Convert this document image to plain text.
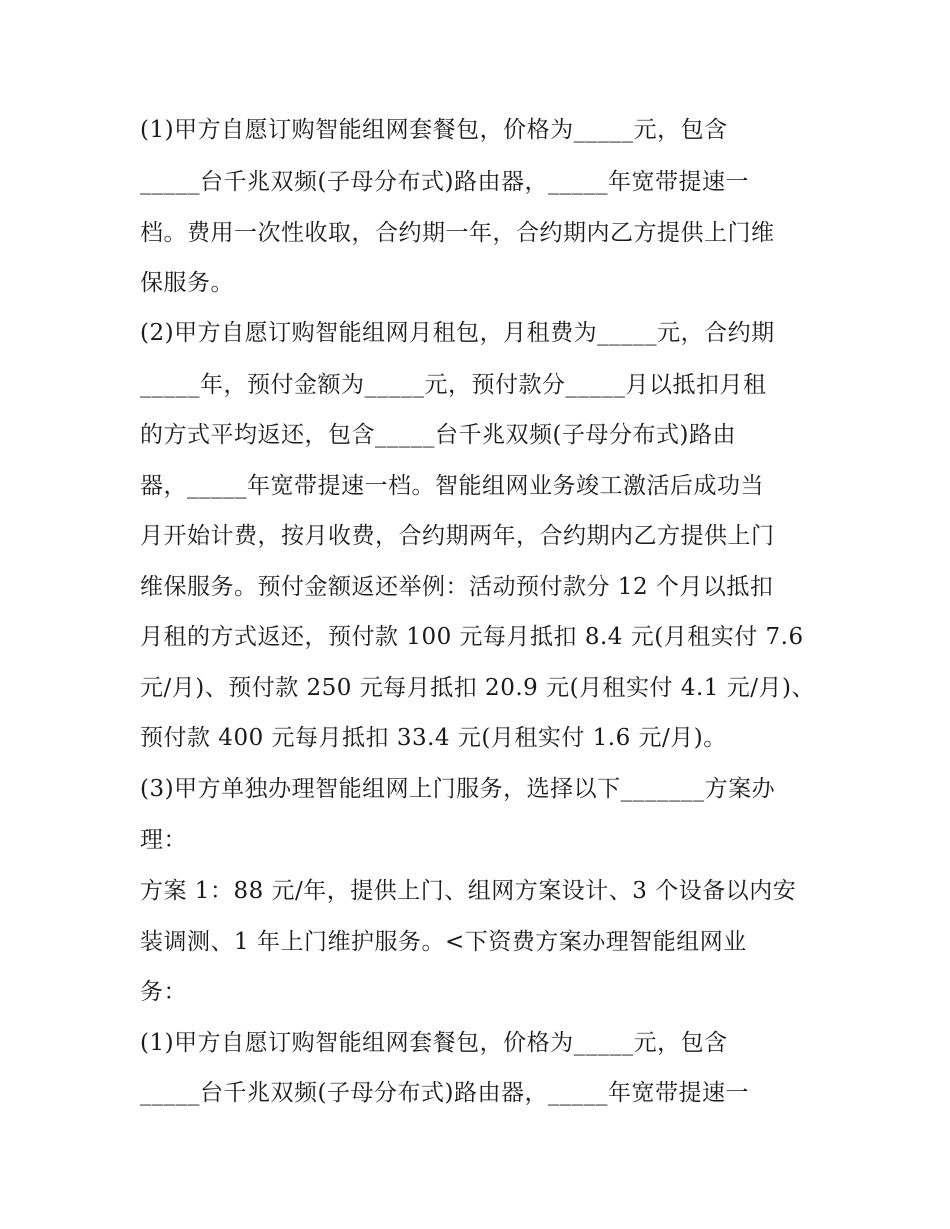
(1)甲方自愿订购智能组网套餐包，价格为_____元，包含
_____台千兆双频(子母分布式)路由器，_____年宽带提速一
档。费用一次性收取，合约期一年，合约期内乙方提供上门维
保服务。
(2)甲方自愿订购智能组网月租包，月租费为_____元，合约期
_____年，预付金额为_____元，预付款分_____月以抵扣月租
的方式平均返还，包含_____台千兆双频(子母分布式)路由
器，_____年宽带提速一档。智能组网业务竣工激活后成功当
月开始计费，按月收费，合约期两年，合约期内乙方提供上门
维保服务。预付金额返还举例：活动预付款分 12 个月以抵扣
月租的方式返还，预付款 100 元每月抵扣 8.4 元(月租实付 7.6
元/月)、预付款 250 元每月抵扣 20.9 元(月租实付 4.1 元/月)、
预付款 400 元每月抵扣 33.4 元(月租实付 1.6 元/月)。
(3)甲方单独办理智能组网上门服务，选择以下_______方案办
理：
方案 1：88 元/年，提供上门、组网方案设计、3 个设备以内安
装调测、1 年上门维护服务。<下资费方案办理智能组网业
务：
(1)甲方自愿订购智能组网套餐包，价格为_____元，包含
_____台千兆双频(子母分布式)路由器，_____年宽带提速一
